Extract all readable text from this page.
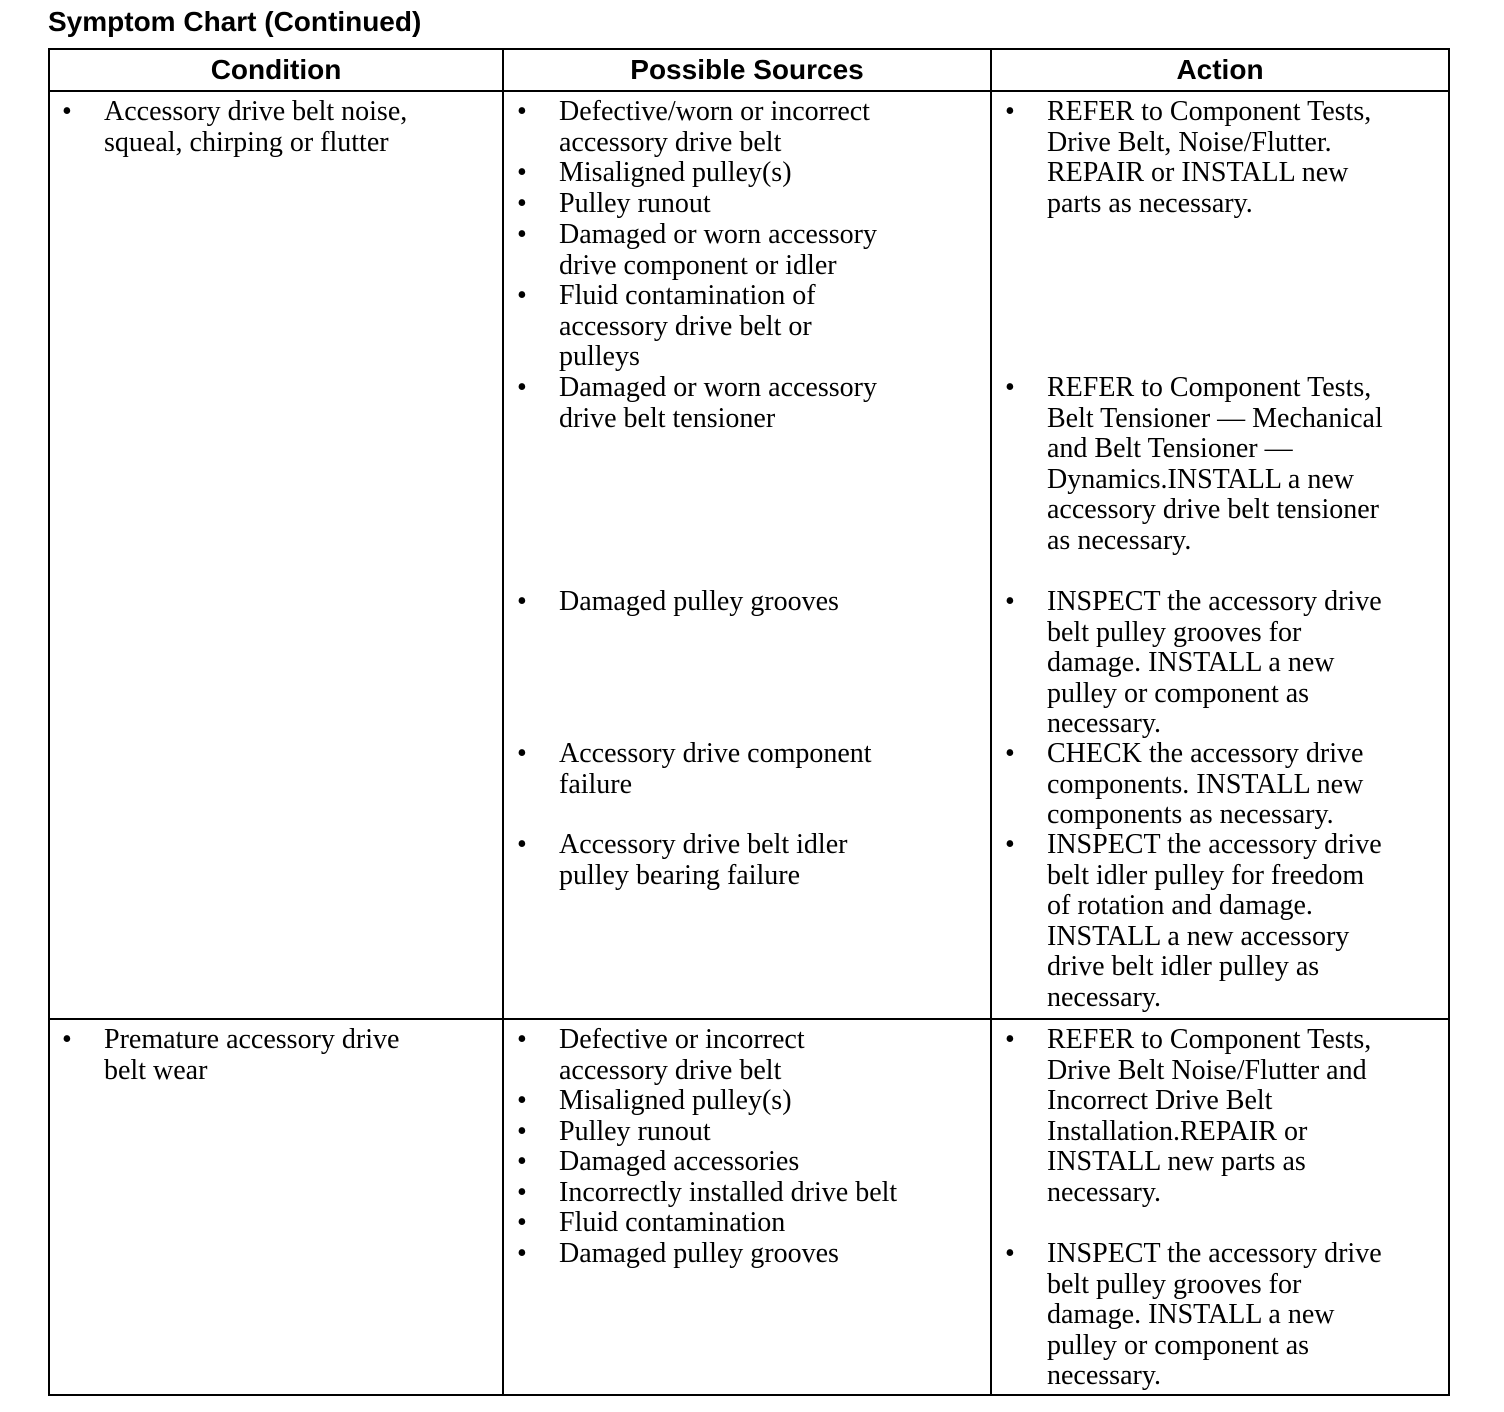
Symptom Chart (Continued)
Condition	Possible Sources	Action
• Accessory drive belt noise,
squeal, chirping or flutter
• Defective/worn or incorrect
accessory drive belt
• Misaligned pulley(s)
• Pulley runout
• Damaged or worn accessory
drive component or idler
• Fluid contamination of
accessory drive belt or
pulleys
• Damaged or worn accessory
drive belt tensioner
• Damaged pulley grooves
• Accessory drive component
failure
• Accessory drive belt idler
pulley bearing failure
• REFER to Component Tests,
Drive Belt, Noise/Flutter.
REPAIR or INSTALL new
parts as necessary.
• REFER to Component Tests,
Belt Tensioner — Mechanical
and Belt Tensioner —
Dynamics.INSTALL a new
accessory drive belt tensioner
as necessary.
• INSPECT the accessory drive
belt pulley grooves for
damage. INSTALL a new
pulley or component as
necessary.
• CHECK the accessory drive
components. INSTALL new
components as necessary.
• INSPECT the accessory drive
belt idler pulley for freedom
of rotation and damage.
INSTALL a new accessory
drive belt idler pulley as
necessary.
• Premature accessory drive
belt wear
• Defective or incorrect
accessory drive belt
• Misaligned pulley(s)
• Pulley runout
• Damaged accessories
• Incorrectly installed drive belt
• Fluid contamination
• Damaged pulley grooves
• REFER to Component Tests,
Drive Belt Noise/Flutter and
Incorrect Drive Belt
Installation.REPAIR or
INSTALL new parts as
necessary.
• INSPECT the accessory drive
belt pulley grooves for
damage. INSTALL a new
pulley or component as
necessary.
